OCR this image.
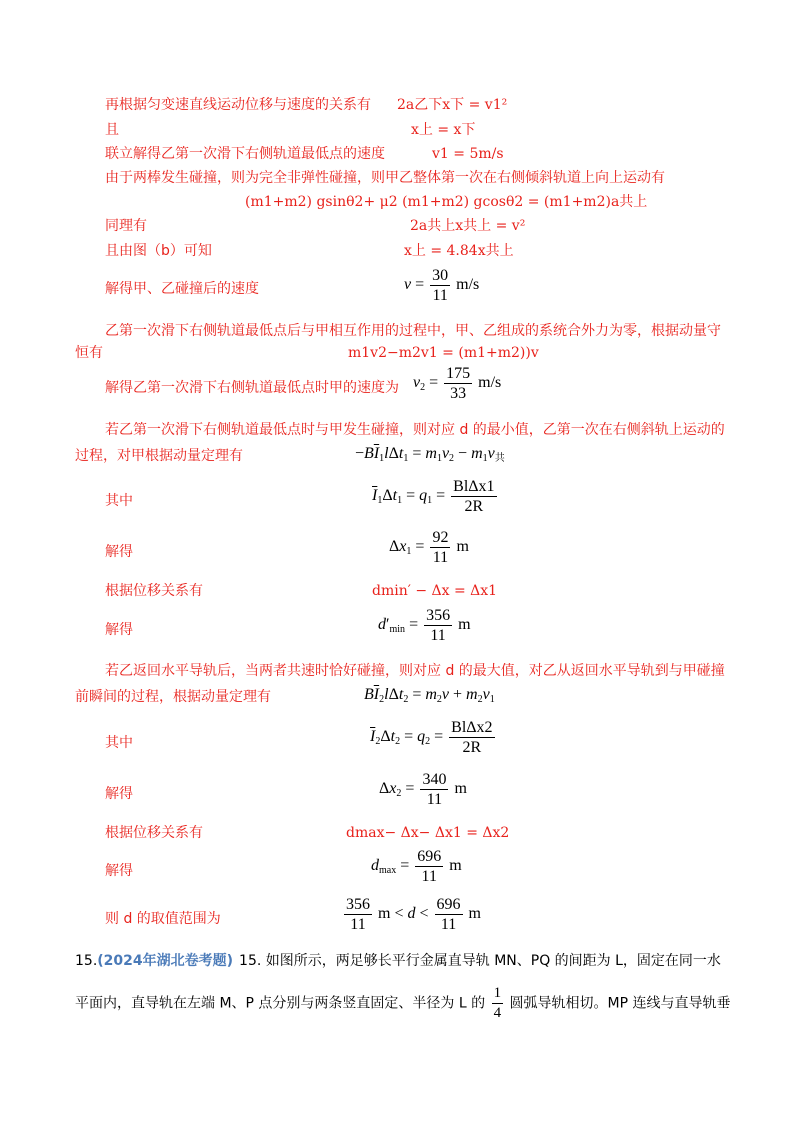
再根据匀变速直线运动位移与速度的关系有 2a乙下x下 = v1²
且	x上 = x下
联立解得乙第一次滑下右侧轨道最低点的速度	v1 = 5m/s
由于两棒发生碰撞，则为完全非弹性碰撞，则甲乙整体第一次在右侧倾斜轨道上向上运动有
(m1+m2) gsinθ2+ μ2 (m1+m2) gcosθ2 = (m1+m2)a共上
同理有	2a共上x共上 = v²
且由图（b）可知	x上 = 4.84x共上
解得甲、乙碰撞后的速度	$v = \frac{30}{11} m/s$
乙第一次滑下右侧轨道最低点后与甲相互作用的过程中，甲、乙组成的系统合外力为零，根据动量守
恒有	m1v2−m2v1 = (m1+m2))v
解得乙第一次滑下右侧轨道最低点时甲的速度为 $v_2 = \frac{175}{33} m/s$
若乙第一次滑下右侧轨道最低点时与甲发生碰撞，则对应 d 的最小值，乙第一次在右侧斜轨上运动的
过程，对甲根据动量定理有	$-B\overline{I}_1l\Delta t_1 = m_1v_2 - m_1v_共$
其中	$\overline{I}_1\Delta t_1 = q_1 = \frac{\text{BlΔx1}}{2R}$
解得	$\Delta x_1 = \frac{92}{11}$ m
根据位移关系有	dmin′ − Δx = Δx1
解得	$d'_{min} = \frac{356}{11}$ m
若乙返回水平导轨后，当两者共速时恰好碰撞，则对应 d 的最大值，对乙从返回水平导轨到与甲碰撞
前瞬间的过程，根据动量定理有	$B\overline{I}_2l\Delta t_2 = m_2v + m_2v_1$
其中	$\overline{I}_2\Delta t_2 = q_2 = \frac{\text{BlΔx2}}{2R}$
解得	$\Delta x_2 = \frac{340}{11}$ m
根据位移关系有	dmax− Δx− Δx1 = Δx2
解得	$d_{max} = \frac{696}{11}$ m
则 d 的取值范围为	$\frac{356}{11}$ $m < d < \frac{696}{11}$ m
15.(2024年湖北卷考题) 15. 如图所示，两足够长平行金属直导轨 MN、PQ 的间距为 L，固定在同一水
平面内，直导轨在左端 M、P 点分别与两条竖直固定、半径为 L 的 $\frac{1}{4}$ 圆弧导轨相切。MP 连线与直导轨垂
